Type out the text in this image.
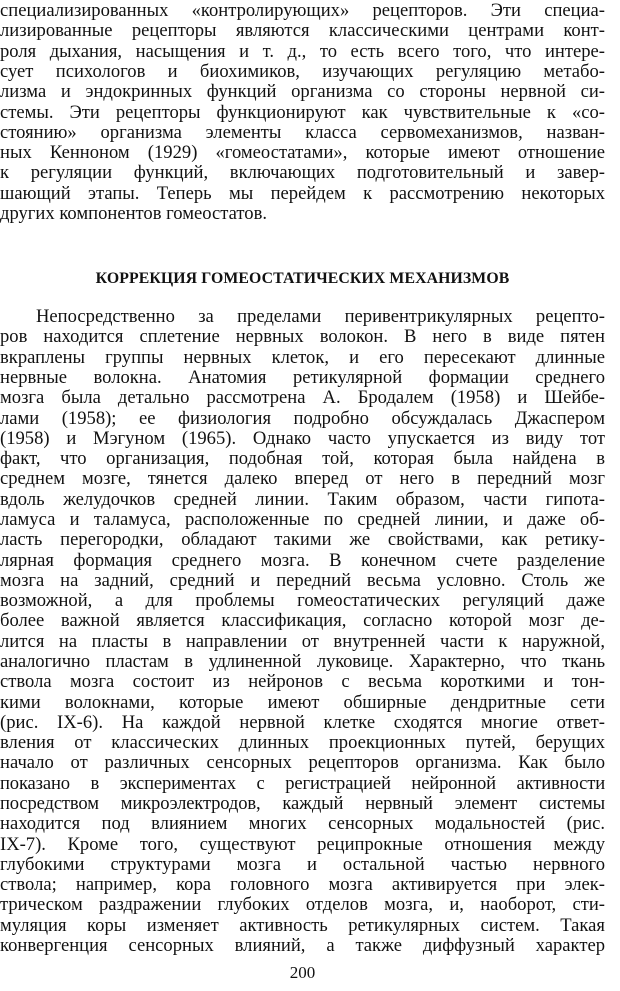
специализированных «контролирующих» рецепторов. Эти специа-

лизированные рецепторы являются классическими центрами конт-

роля дыхания, насыщения и т. д., то есть всего того, что интере-

сует психологов и биохимиков, изучающих регуляцию метабо-

лизма и эндокринных функций организма со стороны нервной си-

стемы. Эти рецепторы функционируют как чувствительные к «со-

стоянию» организма элементы класса сервомеханизмов, назван-

ных Кенноном (1929) «гомеостатами», которые имеют отношение

к регуляции функций, включающих подготовительный и завер-

шающий этапы. Теперь мы перейдем к рассмотрению некоторых

других компонентов гомеостатов.

КОРРЕКЦИЯ ГОМЕОСТАТИЧЕСКИХ МЕХАНИЗМОВ

Непосредственно за пределами перивентрикулярных рецепто-

ров находится сплетение нервных волокон. В него в виде пятен

вкраплены группы нервных клеток, и его пересекают длинные

нервные волокна. Анатомия ретикулярной формации среднего

мозга была детально рассмотрена А. Бродалем (1958) и Шейбе-

лами (1958); ее физиология подробно обсуждалась Джаспером

(1958) и Мэгуном (1965). Однако часто упускается из виду тот

факт, что организация, подобная той, которая была найдена в

среднем мозге, тянется далеко вперед от него в передний мозг

вдоль желудочков средней линии. Таким образом, части гипота-

ламуса и таламуса, расположенные по средней линии, и даже об-

ласть перегородки, обладают такими же свойствами, как ретику-

лярная формация среднего мозга. В конечном счете разделение

мозга на задний, средний и передний весьма условно. Столь же

возможной, а для проблемы гомеостатических регуляций даже

более важной является классификация, согласно которой мозг де-

лится на пласты в направлении от внутренней части к наружной,

аналогично пластам в удлиненной луковице. Характерно, что ткань

ствола мозга состоит из нейронов с весьма короткими и тон-

кими волокнами, которые имеют обширные дендритные сети

(рис. IX-6). На каждой нервной клетке сходятся многие ответ-

вления от классических длинных проекционных путей, берущих

начало от различных сенсорных рецепторов организма. Как было

показано в экспериментах с регистрацией нейронной активности

посредством микроэлектродов, каждый нервный элемент системы

находится под влиянием многих сенсорных модальностей (рис.

IX-7). Кроме того, существуют реципрокные отношения между

глубокими структурами мозга и остальной частью нервного

200

ствола; например, кора головного мозга активируется при элек-

трическом раздражении глубоких отделов мозга, и, наоборот, сти-

муляция коры изменяет активность ретикулярных систем. Такая

конвергенция сенсорных влияний, а также диффузный характер
